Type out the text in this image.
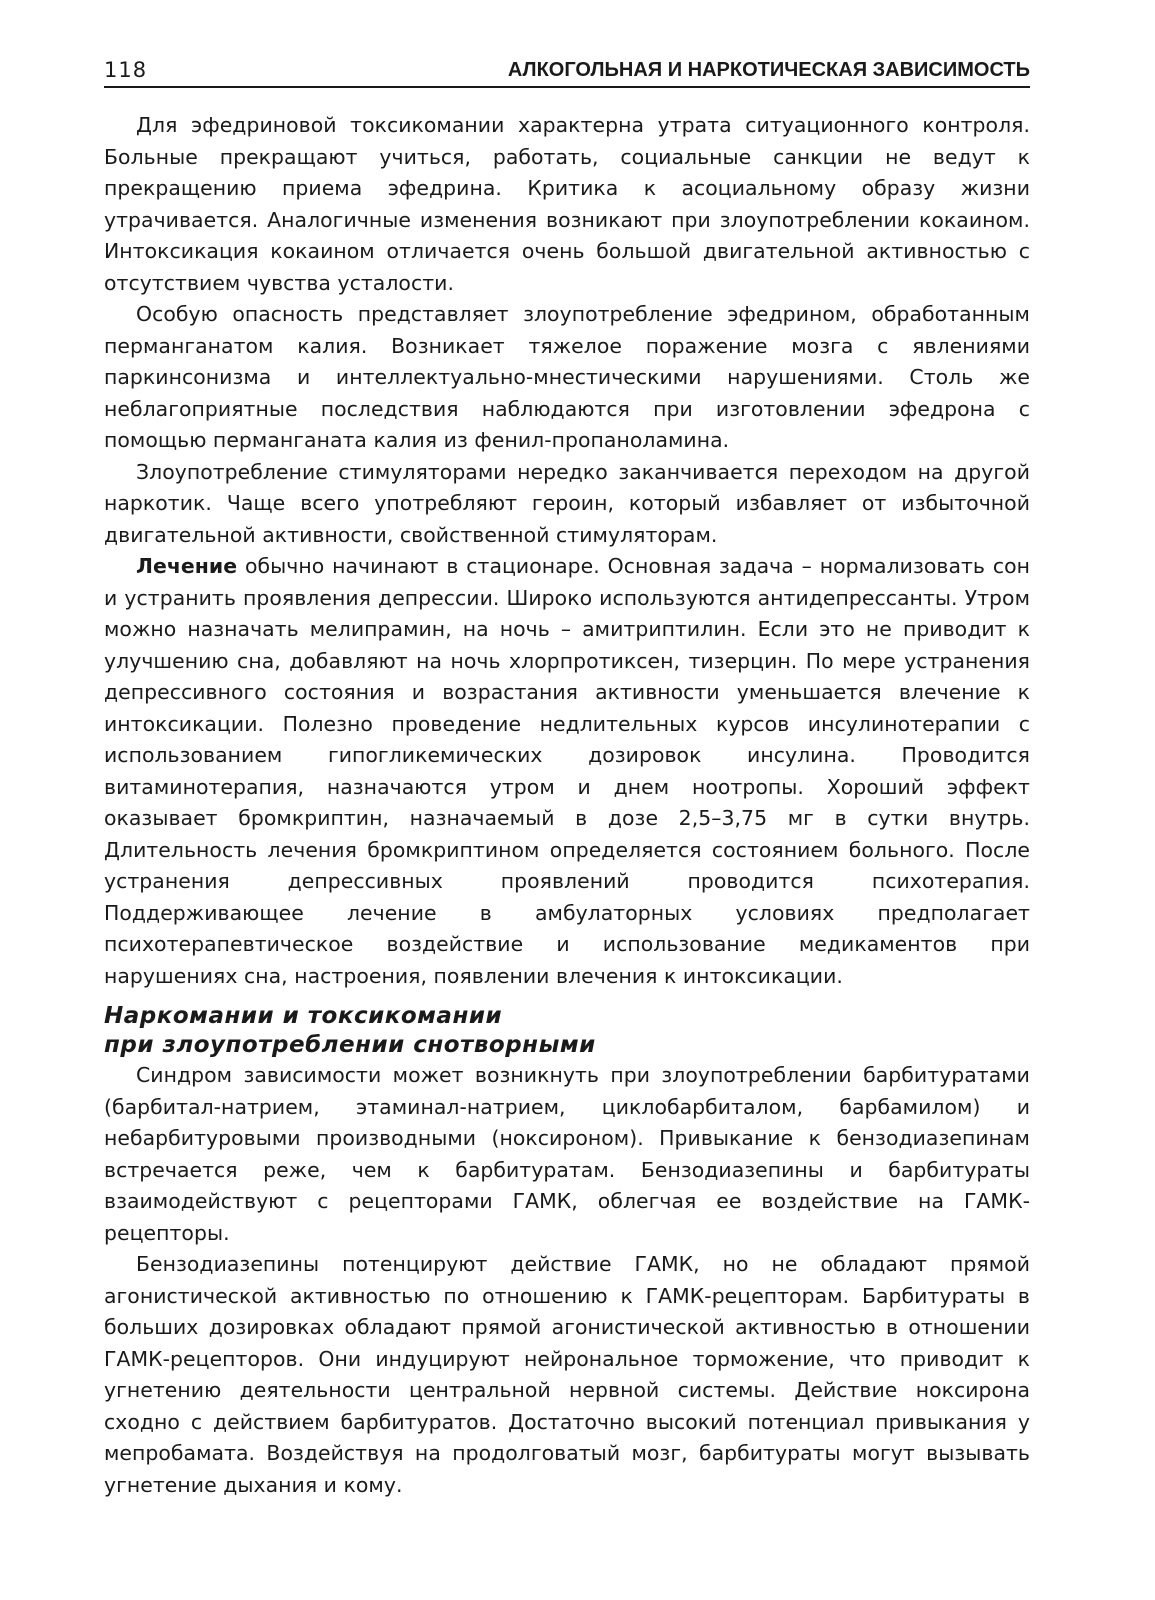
118	АЛКОГОЛЬНАЯ И НАРКОТИЧЕСКАЯ ЗАВИСИМОСТЬ

Для эфедриновой токсикомании характерна утрата ситуационного контроля. Больные прекращают учиться, работать, социальные санкции не ведут к прекращению приема эфедрина. Критика к асоциальному образу жизни утрачивается. Аналогичные изменения возникают при злоупотреблении кокаином. Интоксикация кокаином отличается очень большой двигательной активностью с отсутствием чувства усталости.

Особую опасность представляет злоупотребление эфедрином, обработанным перманганатом калия. Возникает тяжелое поражение мозга с явлениями паркинсонизма и интеллектуально-мнестическими нарушениями. Столь же неблагоприятные последствия наблюдаются при изготовлении эфедрона с помощью перманганата калия из фенил-пропаноламина.

Злоупотребление стимуляторами нередко заканчивается переходом на другой наркотик. Чаще всего употребляют героин, который избавляет от избыточной двигательной активности, свойственной стимуляторам.

Лечение обычно начинают в стационаре. Основная задача – нормализовать сон и устранить проявления депрессии. Широко используются антидепрессанты. Утром можно назначать мелипрамин, на ночь – амитриптилин. Если это не приводит к улучшению сна, добавляют на ночь хлорпротиксен, тизерцин. По мере устранения депрессивного состояния и возрастания активности уменьшается влечение к интоксикации. Полезно проведение недлительных курсов инсулинотерапии с использованием гипогликемических дозировок инсулина. Проводится витаминотерапия, назначаются утром и днем ноотропы. Хороший эффект оказывает бромкриптин, назначаемый в дозе 2,5–3,75 мг в сутки внутрь. Длительность лечения бромкриптином определяется состоянием больного. После устранения депрессивных проявлений проводится психотерапия. Поддерживающее лечение в амбулаторных условиях предполагает психотерапевтическое воздействие и использование медикаментов при нарушениях сна, настроения, появлении влечения к интоксикации.

Наркомании и токсикомании
при злоупотреблении снотворными

Синдром зависимости может возникнуть при злоупотреблении барбитуратами (барбитал-натрием, этаминал-натрием, циклобарбиталом, барбамилом) и небарбитуровыми производными (ноксироном). Привыкание к бензодиазепинам встречается реже, чем к барбитуратам. Бензодиазепины и барбитураты взаимодействуют с рецепторами ГАМК, облегчая ее воздействие на ГАМК-рецепторы.

Бензодиазепины потенцируют действие ГАМК, но не обладают прямой агонистической активностью по отношению к ГАМК-рецепторам. Барбитураты в больших дозировках обладают прямой агонистической активностью в отношении ГАМК-рецепторов. Они индуцируют нейрональное торможение, что приводит к угнетению деятельности центральной нервной системы. Действие ноксирона сходно с действием барбитуратов. Достаточно высокий потенциал привыкания у мепробамата. Воздействуя на продолговатый мозг, барбитураты могут вызывать угнетение дыхания и кому.
